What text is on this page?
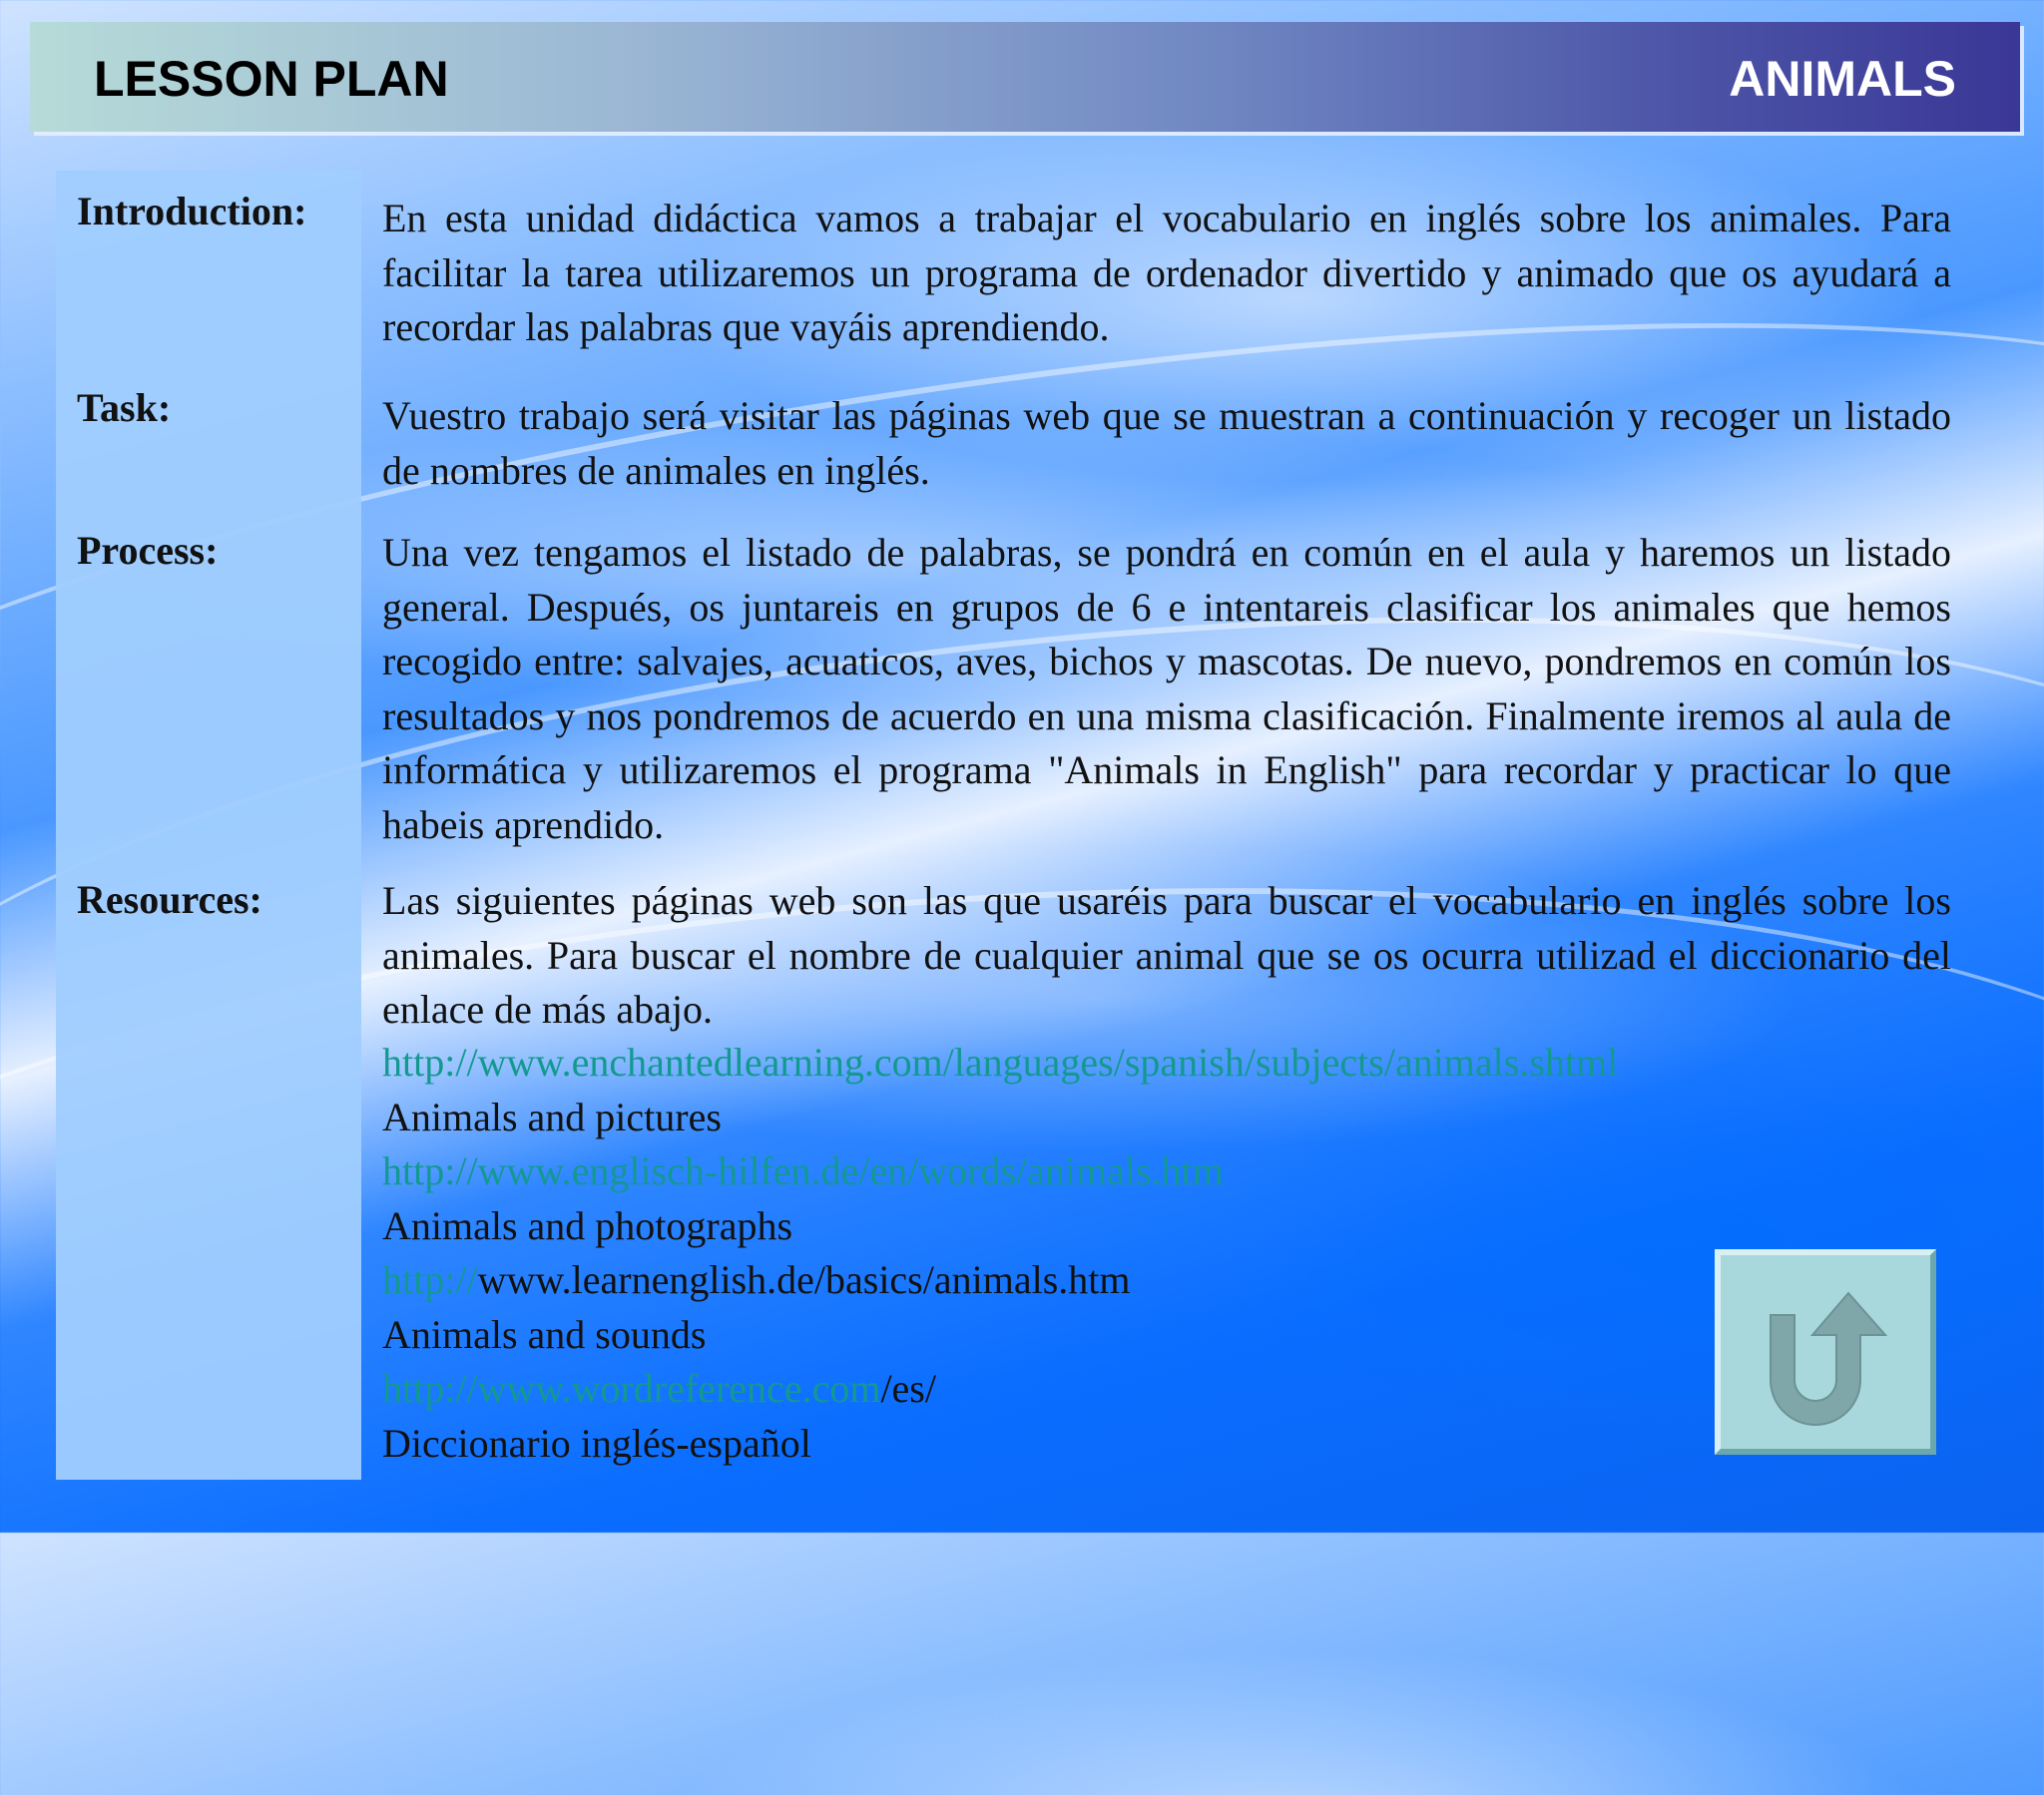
LESSON PLAN	ANIMALS
Introduction: En esta unidad didáctica vamos a trabajar el vocabulario en inglés sobre los animales. Para facilitar la tarea utilizaremos un programa de ordenador divertido y animado que os ayudará a recordar las palabras que vayáis aprendiendo.
Task:	Vuestro trabajo será visitar las páginas web que se muestran a continuación y recoger un listado de nombres de animales en inglés.
Process:	Una vez tengamos el listado de palabras, se pondrá en común en el aula y haremos un listado general. Después, os juntareis en grupos de 6 e intentareis clasificar los animales que hemos recogido entre: salvajes, acuaticos, aves, bichos y mascotas. De nuevo, pondremos en común los resultados y nos pondremos de acuerdo en una misma clasificación. Finalmente iremos al aula de informática y utilizaremos el programa "Animals in English" para recordar y practicar lo que habeis aprendido.
Resources:	Las siguientes páginas web son las que usaréis para buscar el vocabulario en inglés sobre los animales. Para buscar el nombre de cualquier animal que se os ocurra utilizad el diccionario del enlace de más abajo.
http://www.enchantedlearning.com/languages/spanish/subjects/animals.shtml
Animals and pictures
http://www.englisch-hilfen.de/en/words/animals.htm
Animals and photographs
http://www.learnenglish.de/basics/animals.htm
Animals and sounds
http://www.wordreference.com/es/
Diccionario inglés-español
